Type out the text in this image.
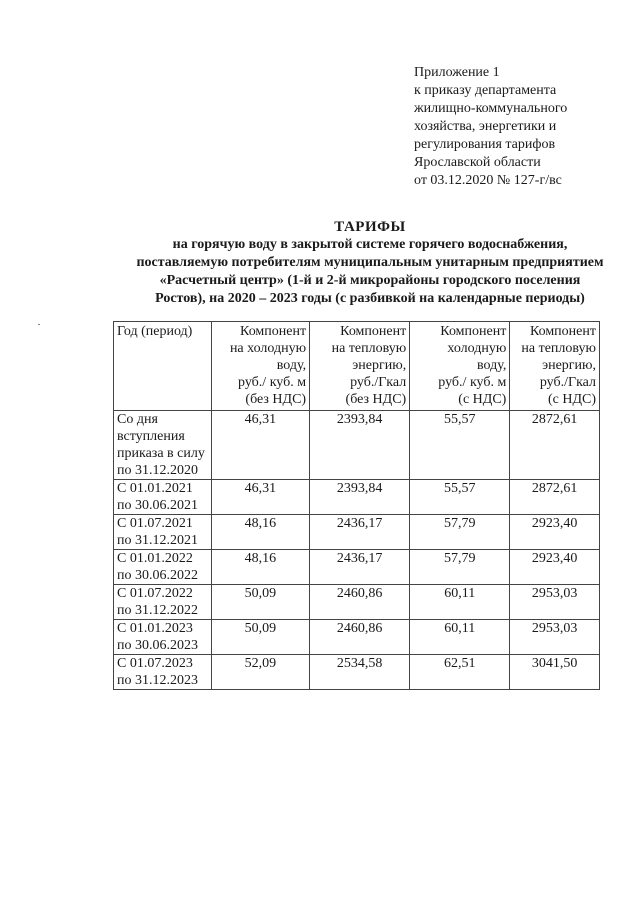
Приложение 1
к приказу департамента
жилищно-коммунального
хозяйства, энергетики и
регулирования тарифов
Ярославской области
от 03.12.2020 № 127-г/вс
ТАРИФЫ
на горячую воду в закрытой системе горячего водоснабжения,
поставляемую потребителям муниципальным унитарным предприятием
«Расчетный центр» (1-й и 2-й микрорайоны городского поселения
Ростов), на 2020 – 2023 годы (с разбивкой на календарные периоды)
Год (период)	Компонент
на холодную
воду,
руб./ куб. м
(без НДС)	Компонент
на тепловую
энергию,
руб./Гкал
(без НДС)	Компонент
холодную
воду,
руб./ куб. м
(с НДС)	Компонент
на тепловую
энергию,
руб./Гкал
(с НДС)
Со дня
вступления
приказа в силу
по 31.12.2020	46,31	2393,84	55,57	2872,61
С 01.01.2021
по 30.06.2021	46,31	2393,84	55,57	2872,61
С 01.07.2021
по 31.12.2021	48,16	2436,17	57,79	2923,40
С 01.01.2022
по 30.06.2022	48,16	2436,17	57,79	2923,40
С 01.07.2022
по 31.12.2022	50,09	2460,86	60,11	2953,03
С 01.01.2023
по 30.06.2023	50,09	2460,86	60,11	2953,03
С 01.07.2023
по 31.12.2023	52,09	2534,58	62,51	3041,50
